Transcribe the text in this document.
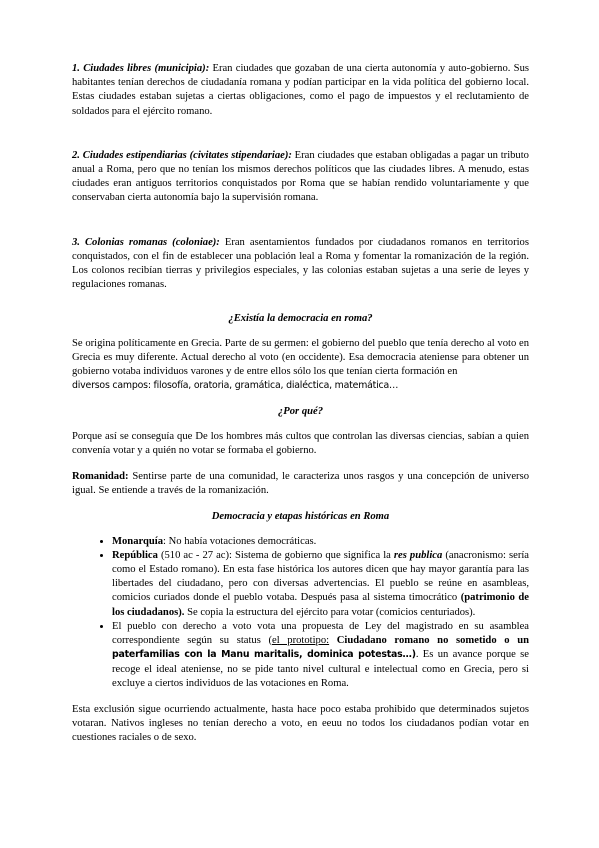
1. Ciudades libres (municipia): Eran ciudades que gozaban de una cierta autonomía y auto-gobierno. Sus habitantes tenían derechos de ciudadanía romana y podían participar en la vida política del gobierno local. Estas ciudades estaban sujetas a ciertas obligaciones, como el pago de impuestos y el reclutamiento de soldados para el ejército romano.

2. Ciudades estipendiarias (civitates stipendariae): Eran ciudades que estaban obligadas a pagar un tributo anual a Roma, pero que no tenían los mismos derechos políticos que las ciudades libres. A menudo, estas ciudades eran antiguos territorios conquistados por Roma que se habían rendido voluntariamente y que conservaban cierta autonomía bajo la supervisión romana.

3. Colonias romanas (coloniae): Eran asentamientos fundados por ciudadanos romanos en territorios conquistados, con el fin de establecer una población leal a Roma y fomentar la romanización de la región. Los colonos recibían tierras y privilegios especiales, y las colonias estaban sujetas a una serie de leyes y regulaciones romanas.

¿Existía la democracia en roma?

Se origina políticamente en Grecia. Parte de su germen: el gobierno del pueblo que tenía derecho al voto en Grecia es muy diferente. Actual derecho al voto (en occidente). Esa democracia ateniense para obtener un gobierno votaba individuos varones y de entre ellos sólo los que tenían cierta formación en
diversos campos: filosofía, oratoria, gramática, dialéctica, matemática…

¿Por qué?

Porque así se conseguía que De los hombres más cultos que controlan las diversas ciencias, sabían a quien convenía votar y a quién no votar se formaba el gobierno.

Romanidad: Sentirse parte de una comunidad, le caracteriza unos rasgos y una concepción de universo igual. Se entiende a través de la romanización.

Democracia y etapas históricas en Roma

• Monarquía: No había votaciones democráticas.
• República (510 ac - 27 ac): Sistema de gobierno que significa la res publica (anacronismo: sería como el Estado romano). En esta fase histórica los autores dicen que hay mayor garantía para las libertades del ciudadano, pero con diversas advertencias. El pueblo se reúne en asambleas, comicios curiados donde el pueblo votaba. Después pasa al sistema timocrático (patrimonio de los ciudadanos). Se copia la estructura del ejército para votar (comicios centuriados).
• El pueblo con derecho a voto vota una propuesta de Ley del magistrado en su asamblea correspondiente según su status (el prototipo: Ciudadano romano no sometido o un paterfamilias con la Manu maritalis, dominica potestas…). Es un avance porque se recoge el ideal ateniense, no se pide tanto nivel cultural e intelectual como en Grecia, pero si excluye a ciertos individuos de las votaciones en Roma.

Esta exclusión sigue ocurriendo actualmente, hasta hace poco estaba prohibido que determinados sujetos votaran. Nativos ingleses no tenían derecho a voto, en eeuu no todos los ciudadanos podían votar en cuestiones raciales o de sexo.
